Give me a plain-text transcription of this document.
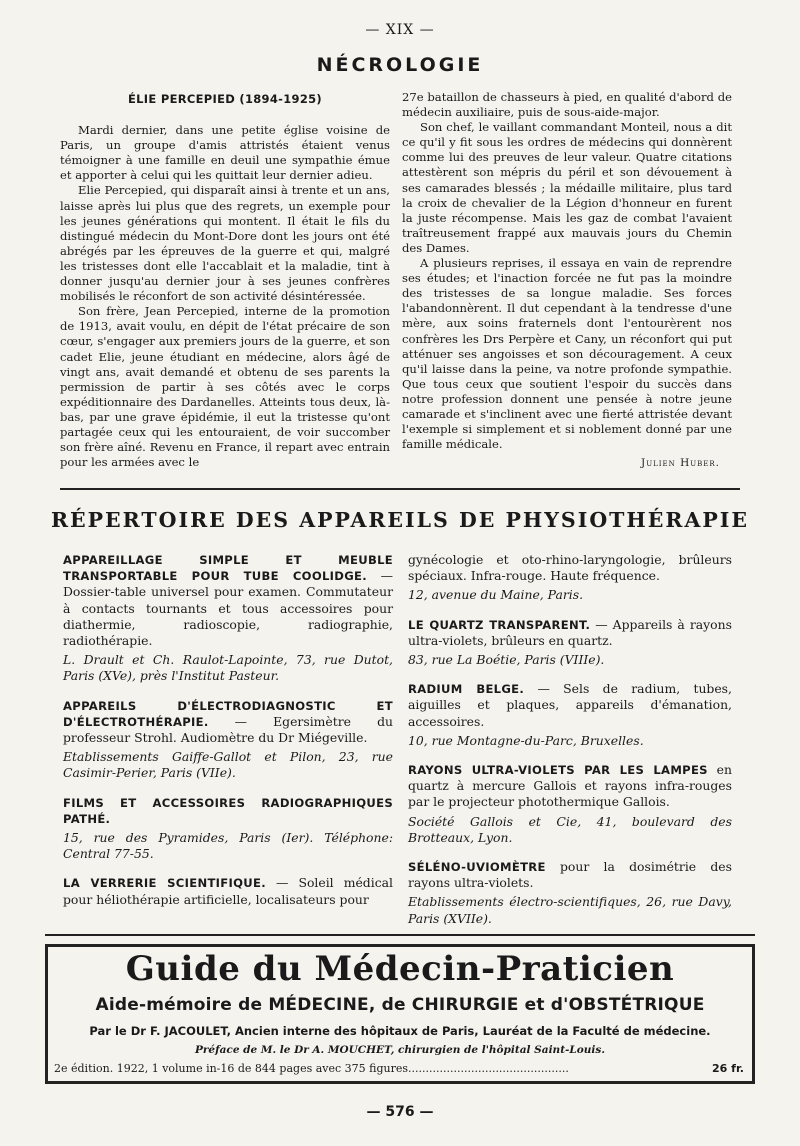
— XIX —
NÉCROLOGIE
ÉLIE PERCEPIED (1894-1925)

Mardi dernier, dans une petite église voisine de Paris, un groupe d'amis attristés étaient venus témoigner à une famille en deuil une sympathie émue et apporter à celui qui les quittait leur dernier adieu.

Elie Percepied, qui disparaît ainsi à trente et un ans, laisse après lui plus que des regrets, un exemple pour les jeunes générations qui montent. Il était le fils du distingué médecin du Mont-Dore dont les jours ont été abrégés par les épreuves de la guerre et qui, malgré les tristesses dont elle l'accablait et la maladie, tint à donner jusqu'au dernier jour à ses jeunes confrères mobilisés le réconfort de son activité désintéressée.

Son frère, Jean Percepied, interne de la promotion de 1913, avait voulu, en dépit de l'état précaire de son cœur, s'engager aux premiers jours de la guerre, et son cadet Elie, jeune étudiant en médecine, alors âgé de vingt ans, avait demandé et obtenu de ses parents la permission de partir à ses côtés avec le corps expéditionnaire des Dardanelles. Atteints tous deux, là-bas, par une grave épidémie, il eut la tristesse qu'ont partagée ceux qui les entouraient, de voir succomber son frère aîné. Revenu en France, il repart avec entrain pour les armées avec le

27e bataillon de chasseurs à pied, en qualité d'abord de médecin auxiliaire, puis de sous-aide-major.

Son chef, le vaillant commandant Monteil, nous a dit ce qu'il y fit sous les ordres de médecins qui donnèrent comme lui des preuves de leur valeur. Quatre citations attestèrent son mépris du péril et son dévouement à ses camarades blessés ; la médaille militaire, plus tard la croix de chevalier de la Légion d'honneur en furent la juste récompense. Mais les gaz de combat l'avaient traîtreusement frappé aux mauvais jours du Chemin des Dames.

A plusieurs reprises, il essaya en vain de reprendre ses études; et l'inaction forcée ne fut pas la moindre des tristesses de sa longue maladie. Ses forces l'abandonnèrent. Il dut cependant à la tendresse d'une mère, aux soins fraternels dont l'entourèrent nos confrères les Drs Perpère et Cany, un réconfort qui put atténuer ses angoisses et son découragement. A ceux qu'il laisse dans la peine, va notre profonde sympathie. Que tous ceux que soutient l'espoir du succès dans notre profession donnent une pensée à notre jeune camarade et s'inclinent avec une fierté attristée devant l'exemple si simplement et si noblement donné par une famille médicale.

Julien Huber.
RÉPERTOIRE DES APPAREILS DE PHYSIOTHÉRAPIE
APPAREILLAGE SIMPLE ET MEUBLE TRANSPORTABLE POUR TUBE COOLIDGE. — Dossier-table universel pour examen. Commutateur à contacts tournants et tous accessoires pour diathermie, radioscopie, radiographie, radiothérapie.
L. Drault et Ch. Raulot-Lapointe, 73, rue Dutot, Paris (XVe), près l'Institut Pasteur.
APPAREILS D'ÉLECTRODIAGNOSTIC ET D'ÉLECTROTHÉRAPIE. — Egersimètre du professeur Strohl. Audiomètre du Dr Miégeville.
Etablissements Gaiffe-Gallot et Pilon, 23, rue Casimir-Perier, Paris (VIIe).
FILMS ET ACCESSOIRES RADIOGRAPHIQUES PATHÉ.
15, rue des Pyramides, Paris (Ier). Téléphone: Central 77-55.
LA VERRERIE SCIENTIFIQUE. — Soleil médical pour héliothérapie artificielle, localisateurs pour
gynécologie et oto-rhino-laryngologie, brûleurs spéciaux. Infra-rouge. Haute fréquence.
12, avenue du Maine, Paris.
LE QUARTZ TRANSPARENT. — Appareils à rayons ultra-violets, brûleurs en quartz.
83, rue La Boétie, Paris (VIIIe).
RADIUM BELGE. — Sels de radium, tubes, aiguilles et plaques, appareils d'émanation, accessoires.
10, rue Montagne-du-Parc, Bruxelles.
RAYONS ULTRA-VIOLETS PAR LES LAMPES en quartz à mercure Gallois et rayons infra-rouges par le projecteur photothermique Gallois.
Société Gallois et Cie, 41, boulevard des Brotteaux, Lyon.
SÉLÉNO-UVIOMÈTRE pour la dosimétrie des rayons ultra-violets.
Etablissements électro-scientifiques, 26, rue Davy, Paris (XVIIe).
Guide du Médecin-Praticien
Aide-mémoire de MÉDECINE, de CHIRURGIE et d'OBSTÉTRIQUE
Par le Dr F. JACOULET, Ancien interne des hôpitaux de Paris, Lauréat de la Faculté de médecine.
Préface de M. le Dr A. MOUCHET, chirurgien de l'hôpital Saint-Louis.
2e édition. 1922, 1 volume in-16 de 844 pages avec 375 figures..............................................	26 fr.
— 576 —
